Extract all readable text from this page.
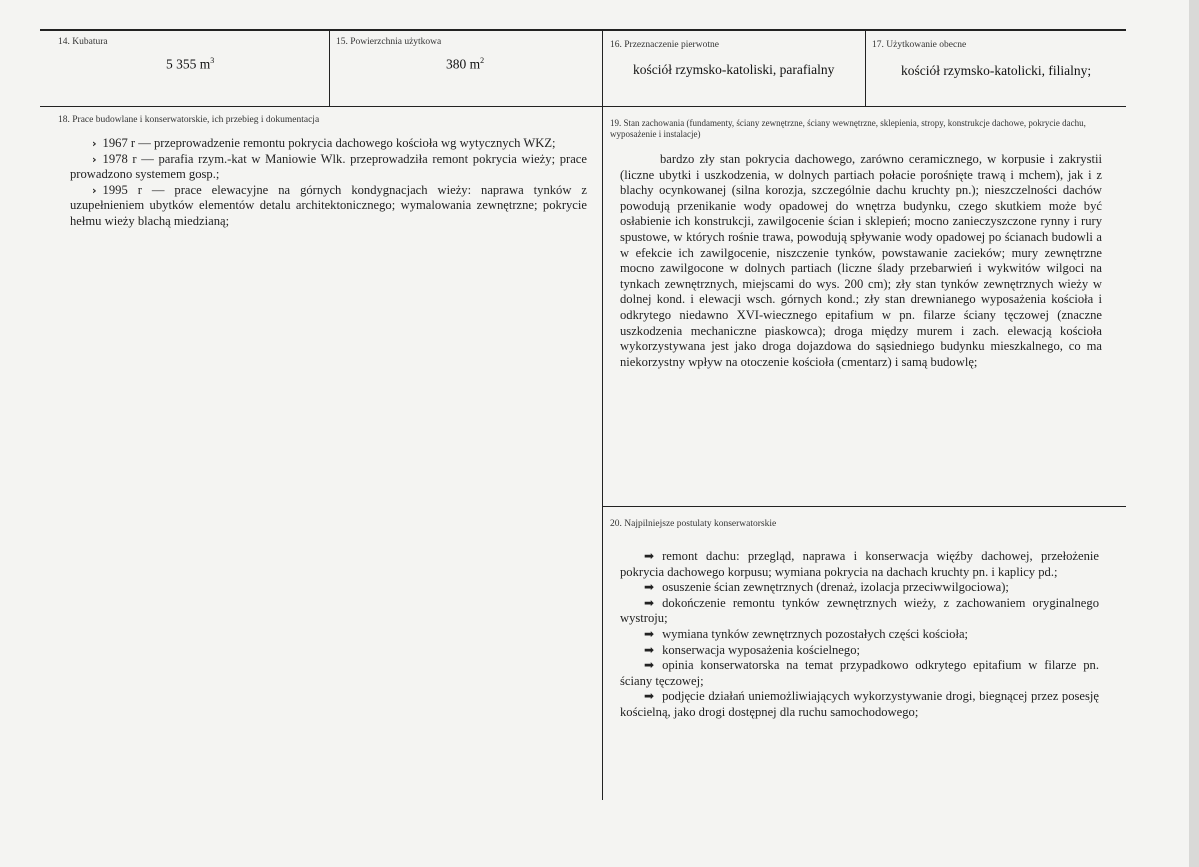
14. Kubatura
5 355 $m^3$
15. Powierzchnia użytkowa
380 $m^2$
16. Przeznaczenie pierwotne
kościół rzymsko-katoliski, parafialny
17. Użytkowanie obecne
kościół rzymsko-katolicki, filialny;
18. Prace budowlane i konserwatorskie, ich przebieg i dokumentacja

› 1967 r — przeprowadzenie remontu pokrycia dachowego kościoła wg wytycznych WKZ;

› 1978 r — parafia rzym.-kat w Maniowie Wlk. przeprowadziła remont pokrycia wieży; prace prowadzono systemem gosp.;

› 1995 r — prace elewacyjne na górnych kondygnacjach wieży: naprawa tynków z uzupełnieniem ubytków elementów detalu architektonicznego; wymalowania zewnętrzne; pokrycie hełmu wieży blachą miedzianą;

19. Stan zachowania (fundamenty, ściany zewnętrzne, ściany wewnętrzne, sklepienia, stropy, konstrukcje dachowe, pokrycie dachu, wyposażenie i instalacje)

bardzo zły stan pokrycia dachowego, zarówno ceramicznego, w korpusie i zakrystii (liczne ubytki i uszkodzenia, w dolnych partiach połacie porośnięte trawą i mchem), jak i z blachy ocynkowanej (silna korozja, szczególnie dachu kruchty pn.); nieszczelności dachów powodują przenikanie wody opadowej do wnętrza budynku, czego skutkiem może być osłabienie ich konstrukcji, zawilgocenie ścian i sklepień; mocno zanieczyszczone rynny i rury spustowe, w których rośnie trawa, powodują spływanie wody opadowej po ścianach budowli a w efekcie ich zawilgocenie, niszczenie tynków, powstawanie zacieków; mury zewnętrzne mocno zawilgocone w dolnych partiach (liczne ślady przebarwień i wykwitów wilgoci na tynkach zewnętrznych, miejscami do wys. 200 cm); zły stan tynków zewnętrznych wieży w dolnej kond. i elewacji wsch. górnych kond.; zły stan drewnianego wyposażenia kościoła i odkrytego niedawno XVI-wiecznego epitafium w pn. filarze ściany tęczowej (znaczne uszkodzenia mechaniczne piaskowca); droga między murem i zach. elewacją kościoła wykorzystywana jest jako droga dojazdowa do sąsiedniego budynku mieszkalnego, co ma niekorzystny wpływ na otoczenie kościoła (cmentarz) i samą budowlę;

20. Najpilniejsze postulaty konserwatorskie

➡ remont dachu: przegląd, naprawa i konserwacja więźby dachowej, przełożenie pokrycia dachowego korpusu; wymiana pokrycia na dachach kruchty pn. i kaplicy pd.;

➡ osuszenie ścian zewnętrznych (drenaż, izolacja przeciwwilgociowa);

➡ dokończenie remontu tynków zewnętrznych wieży, z zachowaniem oryginalnego wystroju;

➡ wymiana tynków zewnętrznych pozostałych części kościoła;

➡ konserwacja wyposażenia kościelnego;

➡ opinia konserwatorska na temat przypadkowo odkrytego epitafium w filarze pn. ściany tęczowej;

➡ podjęcie działań uniemożliwiających wykorzystywanie drogi, biegnącej przez posesję kościelną, jako drogi dostępnej dla ruchu samochodowego;
